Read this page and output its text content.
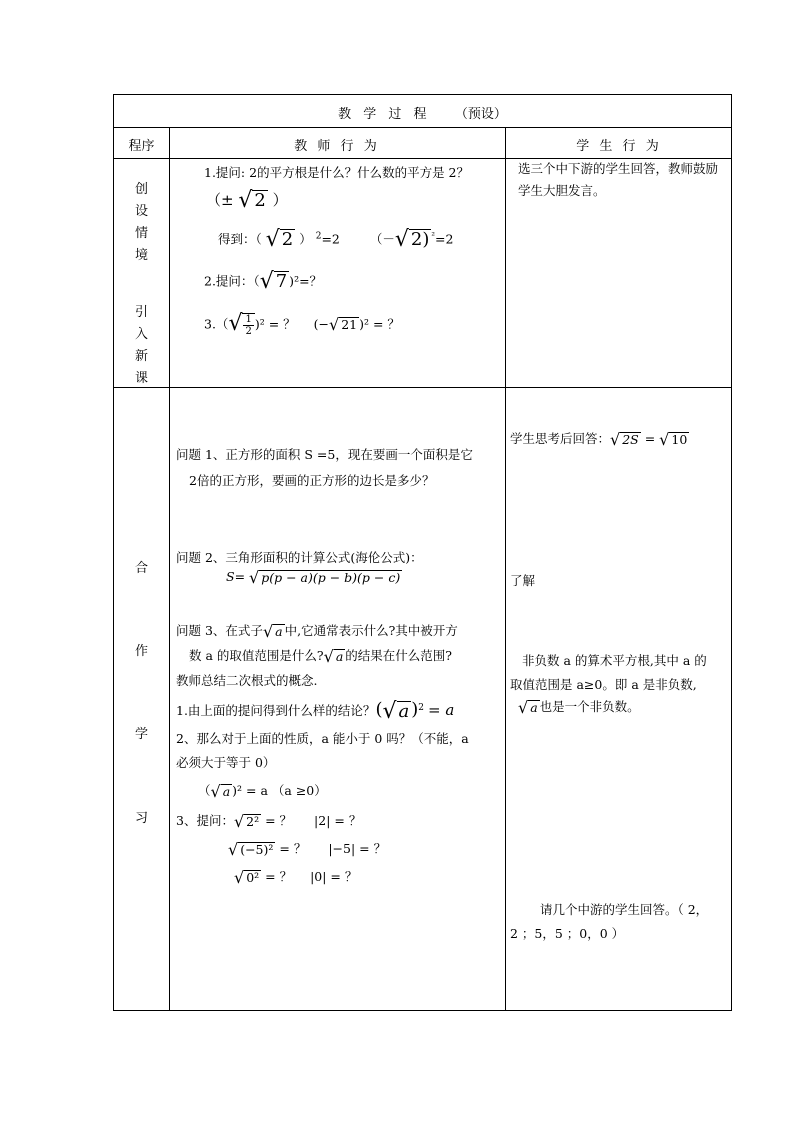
教 学 过 程 （预设）
程序	教 师 行 为	学 生 行 为
创
设
情
境
引
入
新
课
1.提问: 2的平方根是什么？什么数的平方是 2？
（± √ 2 ）
得到：（ √ 2 ） $^2$=2 （－ √ 2) $^{^2}$=2
2.提问：（ √ 7 )²=？
3.（ √ $\frac{1}{2} )^2$ = ？ (− √ 21 )² = ？
选三个中下游的学生回答，教师鼓励学生大胆发言。
合
作
学
习
问题 1、正方形的面积 S =5，现在要画一个面积是它
2倍的正方形，要画的正方形的边长是多少？
问题 2、三角形面积的计算公式(海伦公式)：
S= √ p(p − a)(p − b)(p − c)
问题 3、在式子 √ a 中,它通常表示什么?其中被开方
数 a 的取值范围是什么? √ a 的结果在什么范围?
教师总结二次根式的概念.
1.由上面的提问得到什么样的结论？( √ a )$^2$ = a
2、那么对于上面的性质，a 能小于 0 吗？（不能，a
必须大于等于 0）
（ √ a )² = a （a ≥0）
3、提问： √ 2² = ？ |2| = ？
√ (−5)² = ？ |−5| = ？
√ 0² = ？ |0| = ？
学生思考后回答： √ 2S = √ 10
了解
非负数 a 的算术平方根,其中 a 的
取值范围是 a≥0。即 a 是非负数,
√ a 也是一个非负数。
请几个中游的学生回答。（ 2，
2 ；5，5 ；0，0 ）
